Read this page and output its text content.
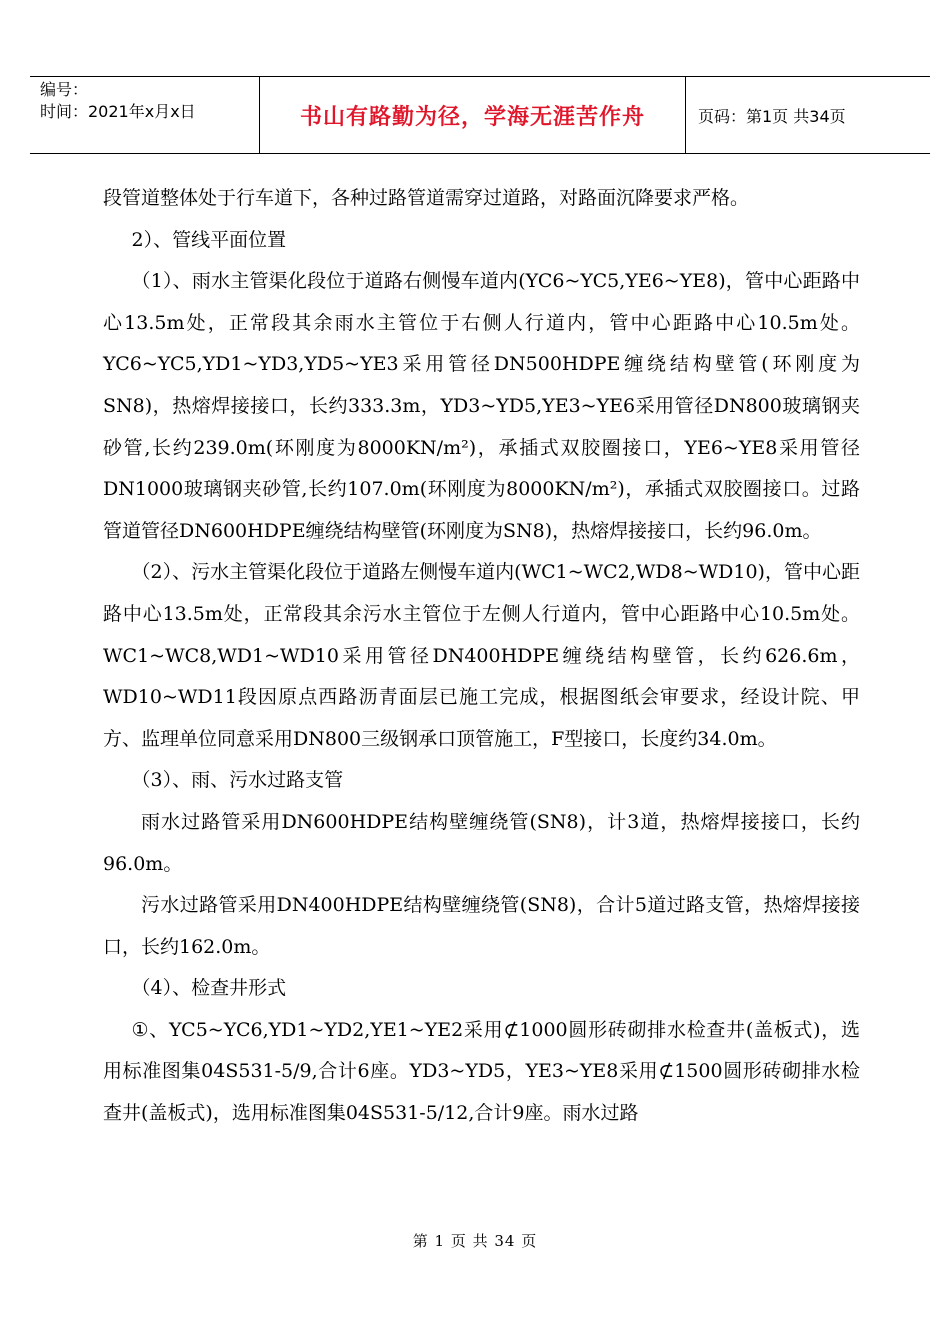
编号：
时间：2021年x月x日	书山有路勤为径，学海无涯苦作舟	页码：第1页 共34页

段管道整体处于行车道下，各种过路管道需穿过道路，对路面沉降要求严格。

2）、管线平面位置

（1）、雨水主管渠化段位于道路右侧慢车道内(YC6~YC5,YE6~YE8)，管中心距路中心13.5m处，正常段其余雨水主管位于右侧人行道内，管中心距路中心10.5m处。YC6~YC5,YD1~YD3,YD5~YE3采用管径DN500HDPE缠绕结构壁管(环刚度为SN8)，热熔焊接接口，长约333.3m，YD3~YD5,YE3~YE6采用管径DN800玻璃钢夹砂管,长约239.0m(环刚度为8000KN/m²)，承插式双胶圈接口，YE6~YE8采用管径DN1000玻璃钢夹砂管,长约107.0m(环刚度为8000KN/m²)，承插式双胶圈接口。过路管道管径DN600HDPE缠绕结构壁管(环刚度为SN8)，热熔焊接接口，长约96.0m。

（2）、污水主管渠化段位于道路左侧慢车道内(WC1~WC2,WD8~WD10)，管中心距路中心13.5m处，正常段其余污水主管位于左侧人行道内，管中心距路中心10.5m处。WC1~WC8,WD1~WD10采用管径DN400HDPE缠绕结构壁管，长约626.6m，WD10~WD11段因原点西路沥青面层已施工完成，根据图纸会审要求，经设计院、甲方、监理单位同意采用DN800三级钢承口顶管施工，F型接口，长度约34.0m。

（3）、雨、污水过路支管

雨水过路管采用DN600HDPE结构壁缠绕管(SN8)，计3道，热熔焊接接口，长约96.0m。

污水过路管采用DN400HDPE结构壁缠绕管(SN8)，合计5道过路支管，热熔焊接接口，长约162.0m。

（4）、检查井形式

①、YC5~YC6,YD1~YD2,YE1~YE2采用⊄1000圆形砖砌排水检查井(盖板式)，选用标准图集04S531-5/9,合计6座。YD3~YD5，YE3~YE8采用⊄1500圆形砖砌排水检查井(盖板式)，选用标准图集04S531-5/12,合计9座。雨水过路

第 1 页 共 34 页
